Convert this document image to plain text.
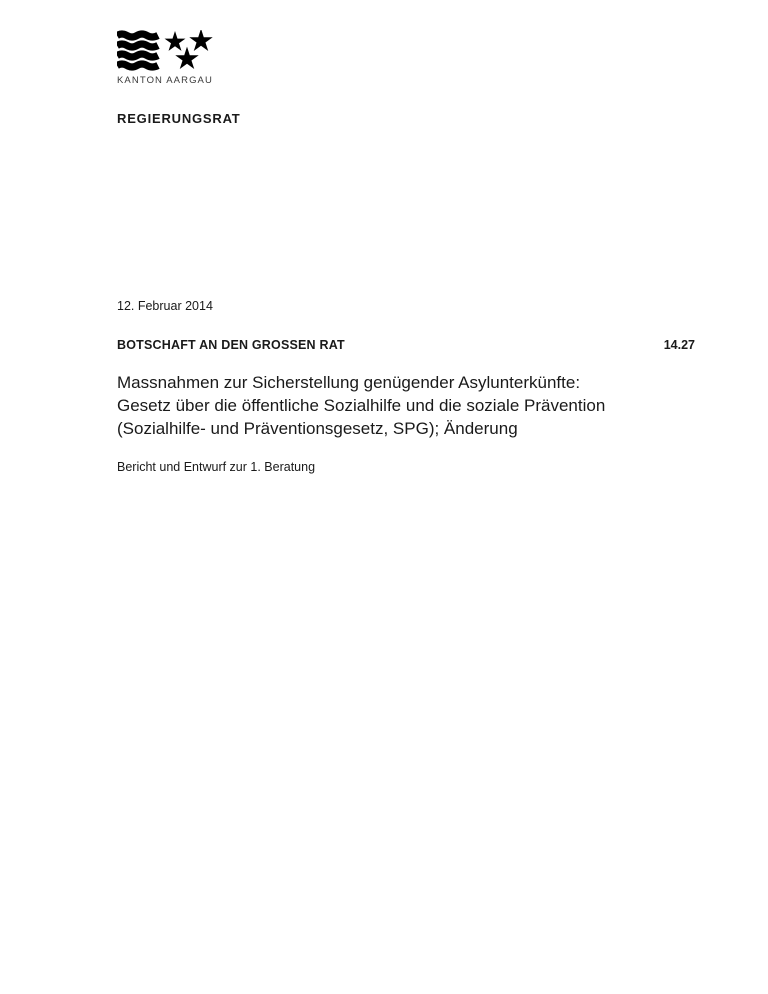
KANTON AARGAU
REGIERUNGSRAT
12. Februar 2014
BOTSCHAFT AN DEN GROSSEN RAT	14.27
Massnahmen zur Sicherstellung genügender Asylunterkünfte:
Gesetz über die öffentliche Sozialhilfe und die soziale Prävention
(Sozialhilfe- und Präventionsgesetz, SPG); Änderung
Bericht und Entwurf zur 1. Beratung
